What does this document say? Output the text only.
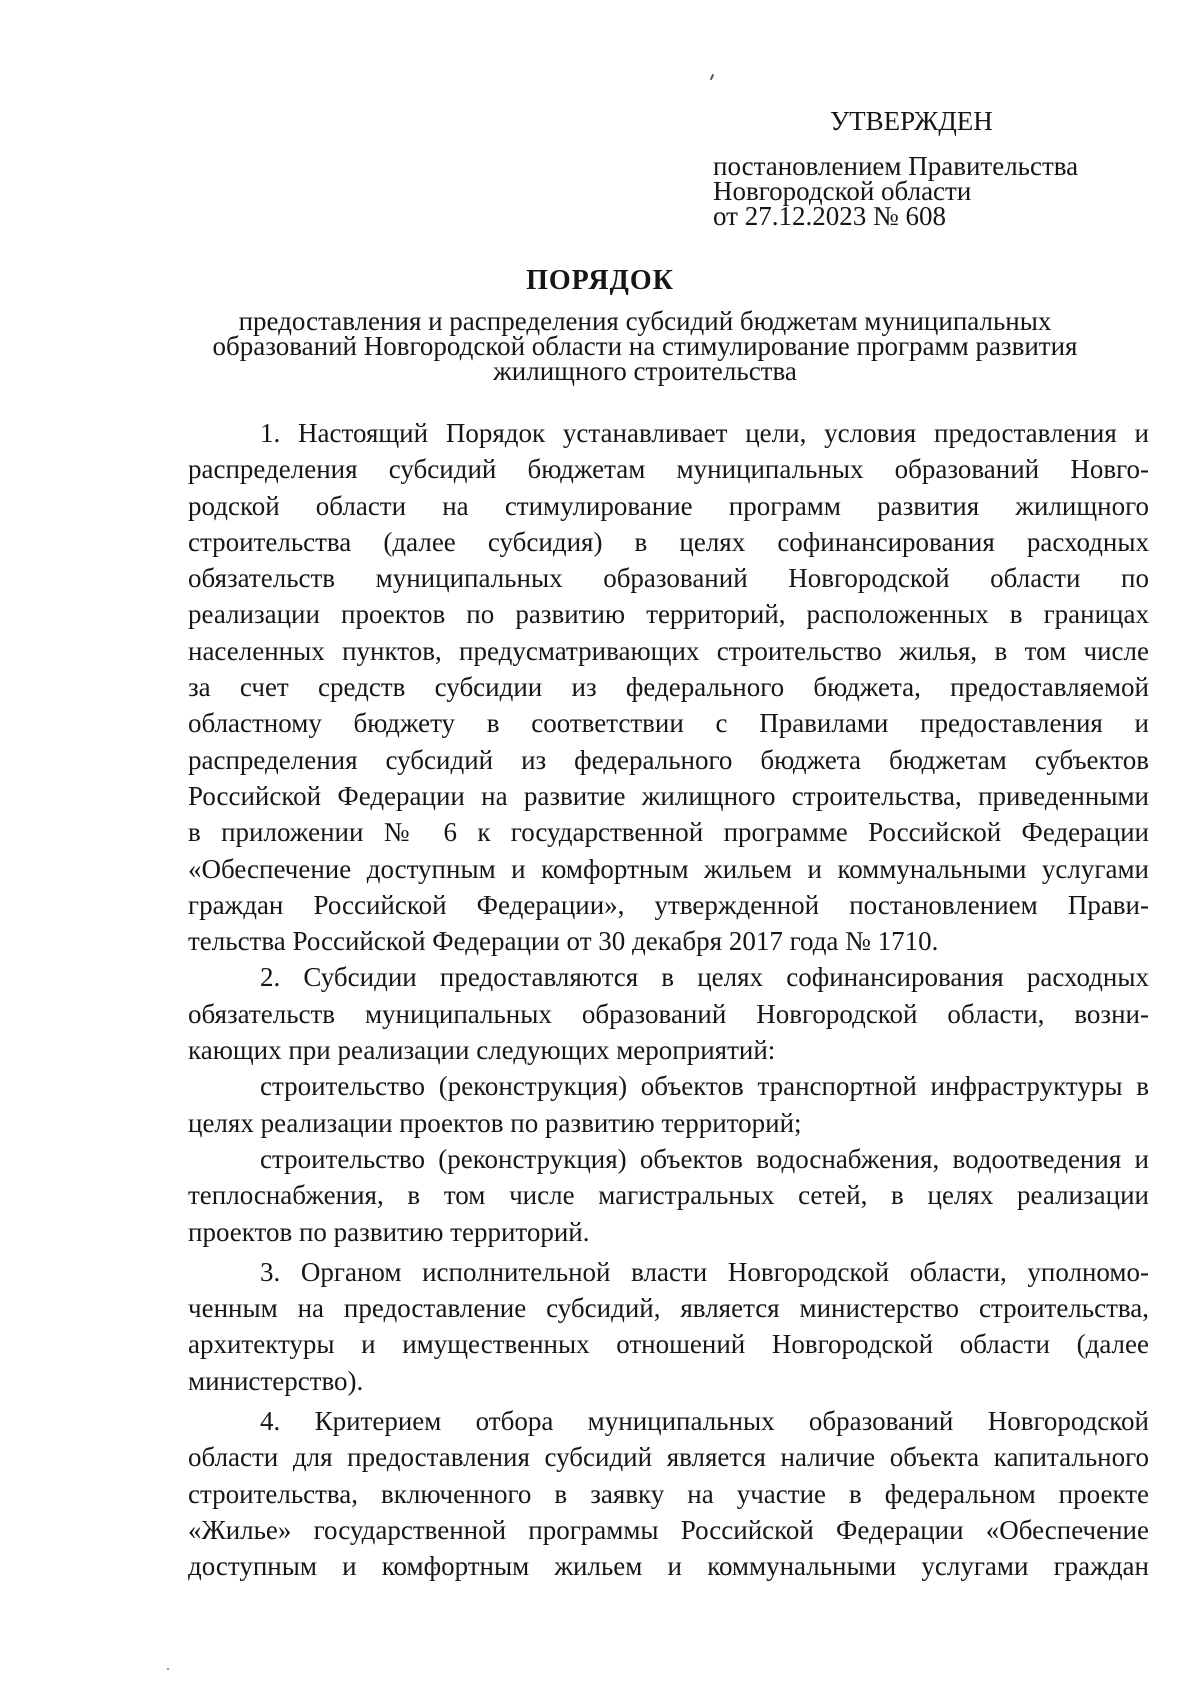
УТВЕРЖДЕН
постановлением Правительства
Новгородской области
от 27.12.2023 № 608
ПОРЯДОК
предоставления и распределения субсидий бюджетам муниципальных
образований Новгородской области на стимулирование программ развития
жилищного строительства
1. Настоящий Порядок устанавливает цели, условия предоставления и
распределения субсидий бюджетам муниципальных образований Новго-
родской области на стимулирование программ развития жилищного
строительства (далее субсидия) в целях софинансирования расходных
обязательств муниципальных образований Новгородской области по
реализации проектов по развитию территорий, расположенных в границах
населенных пунктов, предусматривающих строительство жилья, в том числе
за счет средств субсидии из федерального бюджета, предоставляемой
областному бюджету в соответствии с Правилами предоставления и
распределения субсидий из федерального бюджета бюджетам субъектов
Российской Федерации на развитие жилищного строительства, приведенными
в приложении № 6 к государственной программе Российской Федерации
«Обеспечение доступным и комфортным жильем и коммунальными услугами
граждан Российской Федерации», утвержденной постановлением Прави-
тельства Российской Федерации от 30 декабря 2017 года № 1710.
2. Субсидии предоставляются в целях софинансирования расходных
обязательств муниципальных образований Новгородской области, возни-
кающих при реализации следующих мероприятий:
строительство (реконструкция) объектов транспортной инфраструктуры в
целях реализации проектов по развитию территорий;
строительство (реконструкция) объектов водоснабжения, водоотведения и
теплоснабжения, в том числе магистральных сетей, в целях реализации
проектов по развитию территорий.
3. Органом исполнительной власти Новгородской области, уполномо-
ченным на предоставление субсидий, является министерство строительства,
архитектуры и имущественных отношений Новгородской области (далее
министерство).
4. Критерием отбора муниципальных образований Новгородской
области для предоставления субсидий является наличие объекта капитального
строительства, включенного в заявку на участие в федеральном проекте
«Жилье» государственной программы Российской Федерации «Обеспечение
доступным и комфортным жильем и коммунальными услугами граждан
